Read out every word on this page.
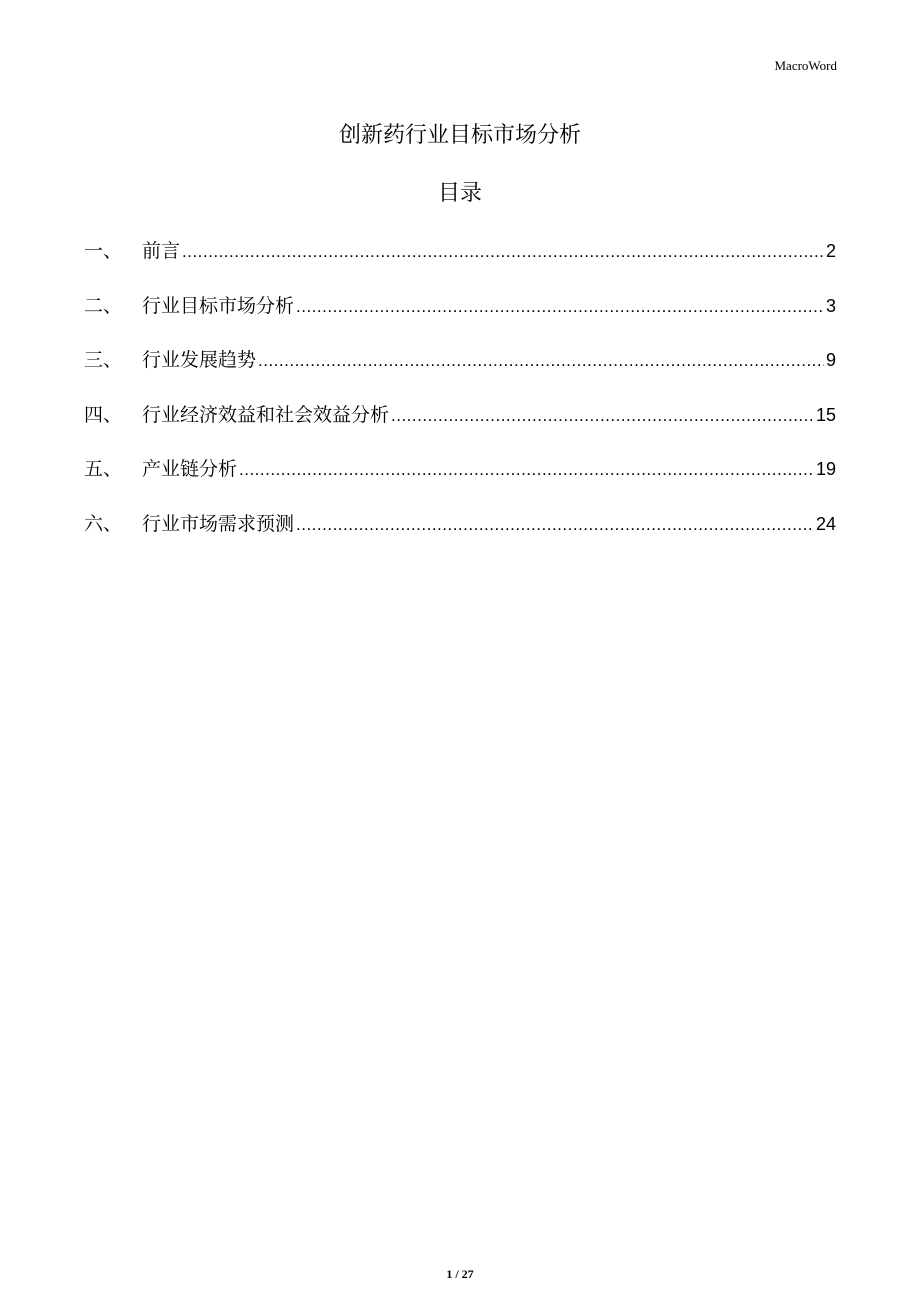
MacroWord
创新药行业目标市场分析
目录
一、	前言 .....	2
二、	行业目标市场分析 .....	3
三、	行业发展趋势 .....	9
四、	行业经济效益和社会效益分析 .....	15
五、	产业链分析 .....	19
六、	行业市场需求预测 .....	24
1 / 27
